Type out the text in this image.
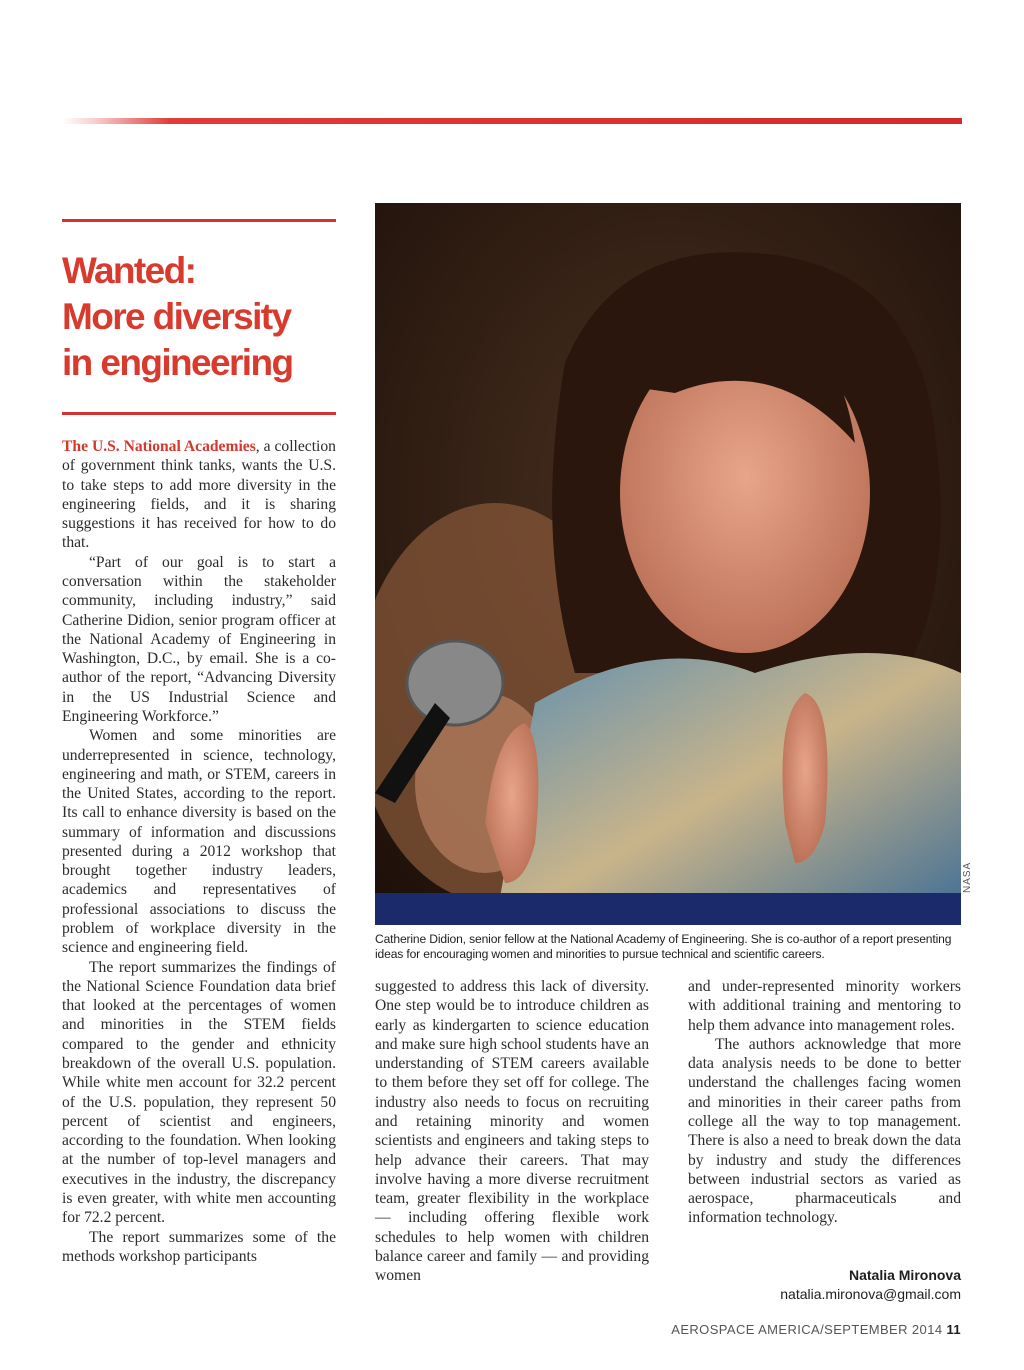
Wanted:
More diversity
in engineering

The U.S. National Academies, a collection of government think tanks, wants the U.S. to take steps to add more diversity in the engineering fields, and it is sharing suggestions it has received for how to do that.

“Part of our goal is to start a conversation within the stakeholder community, including industry,” said Catherine Didion, senior program officer at the National Academy of Engineering in Washington, D.C., by email. She is a co-author of the report, “Advancing Diversity in the US Industrial Science and Engineering Workforce.”

Women and some minorities are underrepresented in science, technology, engineering and math, or STEM, careers in the United States, according to the report. Its call to enhance diversity is based on the summary of information and discussions presented during a 2012 workshop that brought together industry leaders, academics and representatives of professional associations to discuss the problem of workplace diversity in the science and engineering field.

The report summarizes the findings of the National Science Foundation data brief that looked at the percentages of women and minorities in the STEM fields compared to the gender and ethnicity breakdown of the overall U.S. population. While white men account for 32.2 percent of the U.S. population, they represent 50 percent of scientist and engineers, according to the foundation. When looking at the number of top-level managers and executives in the industry, the discrepancy is even greater, with white men accounting for 72.2 percent.

The report summarizes some of the methods workshop participants

NASA
Catherine Didion, senior fellow at the National Academy of Engineering. She is co-author of a report presenting ideas for encouraging women and minorities to pursue technical and scientific careers.

suggested to address this lack of diversity. One step would be to introduce children as early as kindergarten to science education and make sure high school students have an understanding of STEM careers available to them before they set off for college. The industry also needs to focus on recruiting and retaining minority and women scientists and engineers and taking steps to help advance their careers. That may involve having a more diverse recruitment team, greater flexibility in the workplace — including offering flexible work schedules to help women with children balance career and family — and providing women

and under-represented minority workers with additional training and mentoring to help them advance into management roles.

The authors acknowledge that more data analysis needs to be done to better understand the challenges facing women and minorities in their career paths from college all the way to top management. There is also a need to break down the data by industry and study the differences between industrial sectors as varied as aerospace, pharmaceuticals and information technology.

Natalia Mironova
natalia.mironova@gmail.com
AEROSPACE AMERICA/SEPTEMBER 2014 11
